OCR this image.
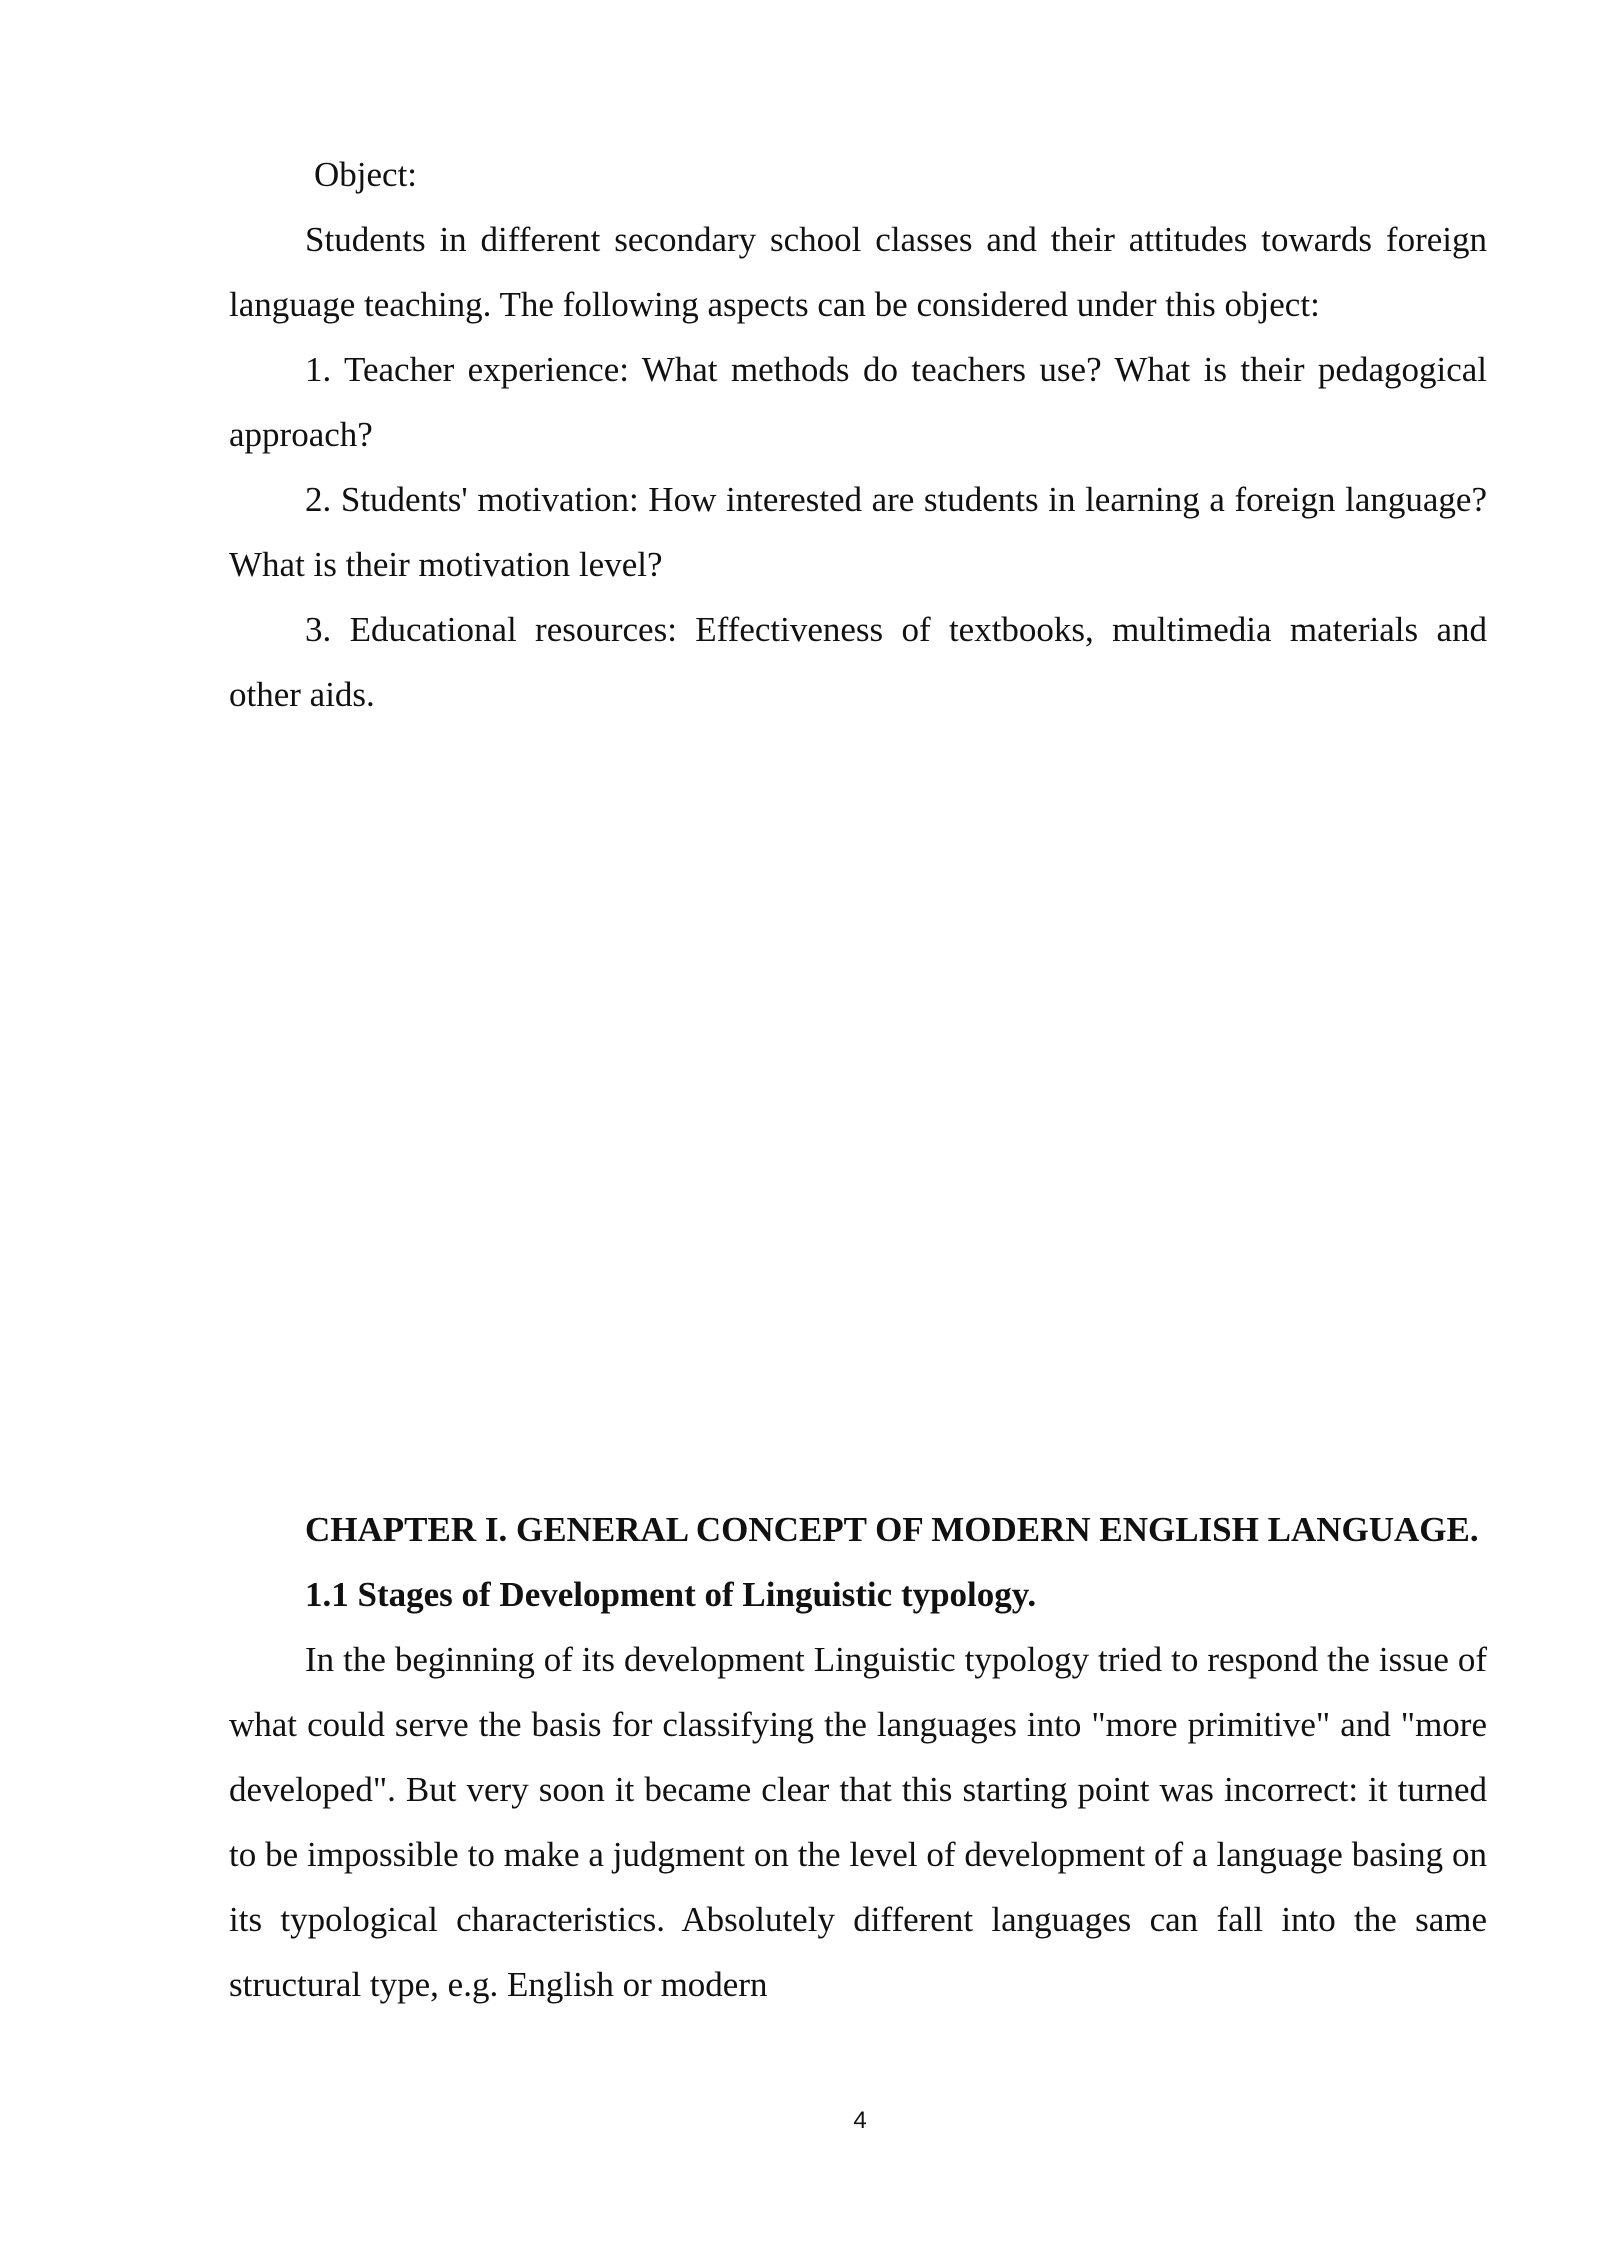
Object:

Students in different secondary school classes and their attitudes towards foreign language teaching. The following aspects can be considered under this object:

1. Teacher experience: What methods do teachers use? What is their pedagogical approach?

2. Students' motivation: How interested are students in learning a foreign language? What is their motivation level?

3. Educational resources: Effectiveness of textbooks, multimedia materials and other aids.

CHAPTER I. GENERAL CONCEPT OF MODERN ENGLISH LANGUAGE.

1.1 Stages of Development of Linguistic typology.

In the beginning of its development Linguistic typology tried to respond the issue of what could serve the basis for classifying the languages into "more primitive" and "more developed". But very soon it became clear that this starting point was incorrect: it turned to be impossible to make a judgment on the level of development of a language basing on its typological characteristics. Absolutely different languages can fall into the same structural type, e.g. English or modern

4
